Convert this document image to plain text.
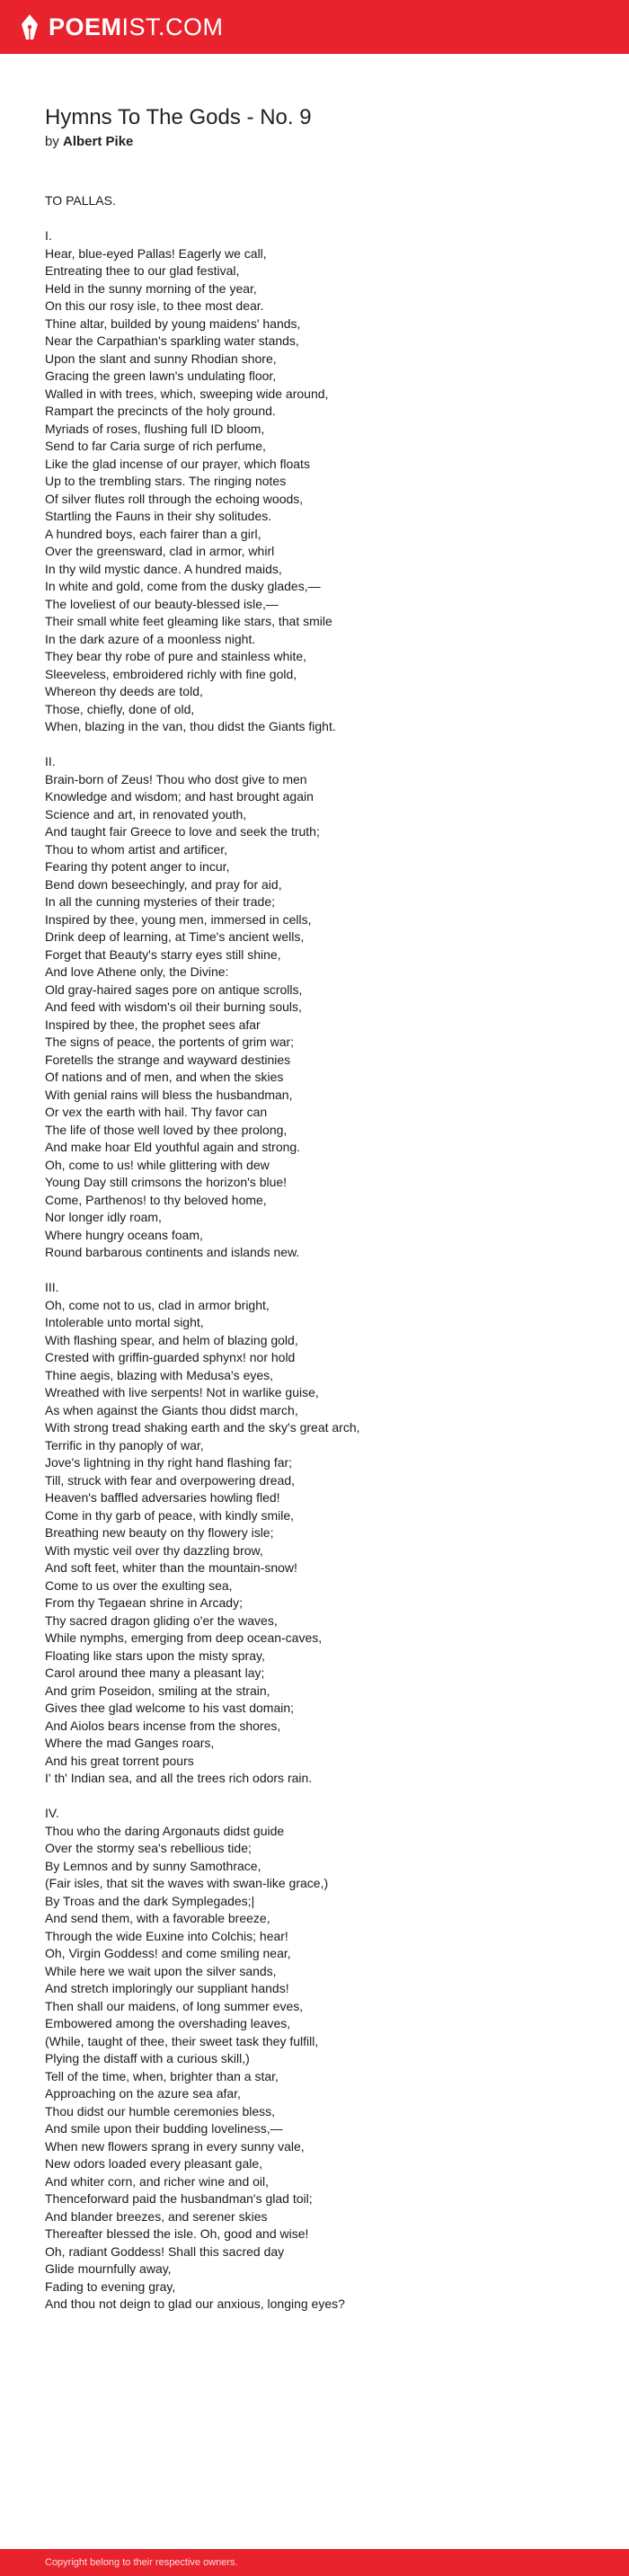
POEMIST.COM
Hymns To The Gods - No. 9
by Albert Pike
TO PALLAS.
I.
Hear, blue-eyed Pallas! Eagerly we call,
Entreating thee to our glad festival,
Held in the sunny morning of the year,
On this our rosy isle, to thee most dear.
Thine altar, builded by young maidens' hands,
Near the Carpathian's sparkling water stands,
Upon the slant and sunny Rhodian shore,
Gracing the green lawn's undulating floor,
Walled in with trees, which, sweeping wide around,
Rampart the precincts of the holy ground.
Myriads of roses, flushing full ID bloom,
Send to far Caria surge of rich perfume,
Like the glad incense of our prayer, which floats
Up to the trembling stars. The ringing notes
Of silver flutes roll through the echoing woods,
Startling the Fauns in their shy solitudes.
A hundred boys, each fairer than a girl,
Over the greensward, clad in armor, whirl
In thy wild mystic dance. A hundred maids,
In white and gold, come from the dusky glades,—
The loveliest of our beauty-blessed isle,—
Their small white feet gleaming like stars, that smile
In the dark azure of a moonless night.
They bear thy robe of pure and stainless white,
Sleeveless, embroidered richly with fine gold,
Whereon thy deeds are told,
Those, chiefly, done of old,
When, blazing in the van, thou didst the Giants fight.
II.
Brain-born of Zeus! Thou who dost give to men
Knowledge and wisdom; and hast brought again
Science and art, in renovated youth,
And taught fair Greece to love and seek the truth;
Thou to whom artist and artificer,
Fearing thy potent anger to incur,
Bend down beseechingly, and pray for aid,
In all the cunning mysteries of their trade;
Inspired by thee, young men, immersed in cells,
Drink deep of learning, at Time's ancient wells,
Forget that Beauty's starry eyes still shine,
And love Athene only, the Divine:
Old gray-haired sages pore on antique scrolls,
And feed with wisdom's oil their burning souls,
Inspired by thee, the prophet sees afar
The signs of peace, the portents of grim war;
Foretells the strange and wayward destinies
Of nations and of men, and when the skies
With genial rains will bless the husbandman,
Or vex the earth with hail. Thy favor can
The life of those well loved by thee prolong,
And make hoar Eld youthful again and strong.
Oh, come to us! while glittering with dew
Young Day still crimsons the horizon's blue!
Come, Parthenos! to thy beloved home,
Nor longer idly roam,
Where hungry oceans foam,
Round barbarous continents and islands new.
III.
Oh, come not to us, clad in armor bright,
Intolerable unto mortal sight,
With flashing spear, and helm of blazing gold,
Crested with griffin-guarded sphynx! nor hold
Thine aegis, blazing with Medusa's eyes,
Wreathed with live serpents! Not in warlike guise,
As when against the Giants thou didst march,
With strong tread shaking earth and the sky's great arch,
Terrific in thy panoply of war,
Jove's lightning in thy right hand flashing far;
Till, struck with fear and overpowering dread,
Heaven's baffled adversaries howling fled!
Come in thy garb of peace, with kindly smile,
Breathing new beauty on thy flowery isle;
With mystic veil over thy dazzling brow,
And soft feet, whiter than the mountain-snow!
Come to us over the exulting sea,
From thy Tegaean shrine in Arcady;
Thy sacred dragon gliding o'er the waves,
While nymphs, emerging from deep ocean-caves,
Floating like stars upon the misty spray,
Carol around thee many a pleasant lay;
And grim Poseidon, smiling at the strain,
Gives thee glad welcome to his vast domain;
And Aiolos bears incense from the shores,
Where the mad Ganges roars,
And his great torrent pours
I' th' Indian sea, and all the trees rich odors rain.
IV.
Thou who the daring Argonauts didst guide
Over the stormy sea's rebellious tide;
By Lemnos and by sunny Samothrace,
(Fair isles, that sit the waves with swan-like grace,)
By Troas and the dark Symplegades;|
And send them, with a favorable breeze,
Through the wide Euxine into Colchis; hear!
Oh, Virgin Goddess! and come smiling near,
While here we wait upon the silver sands,
And stretch imploringly our suppliant hands!
Then shall our maidens, of long summer eves,
Embowered among the overshading leaves,
(While, taught of thee, their sweet task they fulfill,
Plying the distaff with a curious skill,)
Tell of the time, when, brighter than a star,
Approaching on the azure sea afar,
Thou didst our humble ceremonies bless,
And smile upon their budding loveliness,—
When new flowers sprang in every sunny vale,
New odors loaded every pleasant gale,
And whiter corn, and richer wine and oil,
Thenceforward paid the husbandman's glad toil;
And blander breezes, and serener skies
Thereafter blessed the isle. Oh, good and wise!
Oh, radiant Goddess! Shall this sacred day
Glide mournfully away,
Fading to evening gray,
And thou not deign to glad our anxious, longing eyes?
Copyright belong to their respective owners.
